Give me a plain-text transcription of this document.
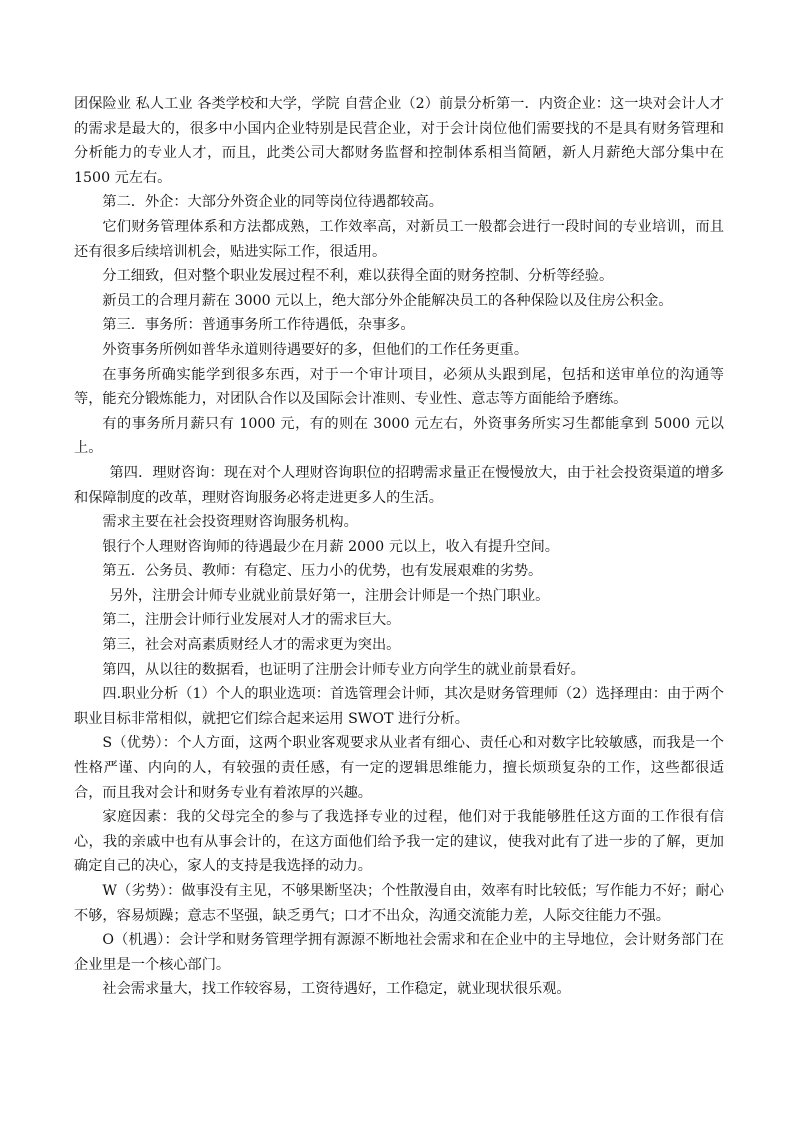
团保险业 私人工业 各类学校和大学，学院 自营企业（2）前景分析第一．内资企业：这一块对会计人才的需求是最大的，很多中小国内企业特别是民营企业，对于会计岗位他们需要找的不是具有财务管理和分析能力的专业人才，而且，此类公司大都财务监督和控制体系相当简陋，新人月薪绝大部分集中在 1500 元左右。

第二．外企：大部分外资企业的同等岗位待遇都较高。

它们财务管理体系和方法都成熟，工作效率高，对新员工一般都会进行一段时间的专业培训，而且还有很多后续培训机会，贴进实际工作，很适用。

分工细致，但对整个职业发展过程不利，难以获得全面的财务控制、分析等经验。

新员工的合理月薪在 3000 元以上，绝大部分外企能解决员工的各种保险以及住房公积金。

第三．事务所：普通事务所工作待遇低，杂事多。

外资事务所例如普华永道则待遇要好的多，但他们的工作任务更重。

在事务所确实能学到很多东西，对于一个审计项目，必须从头跟到尾，包括和送审单位的沟通等等，能充分锻炼能力，对团队合作以及国际会计准则、专业性、意志等方面能给予磨练。

有的事务所月薪只有 1000 元，有的则在 3000 元左右，外资事务所实习生都能拿到 5000 元以上。

第四．理财咨询：现在对个人理财咨询职位的招聘需求量正在慢慢放大，由于社会投资渠道的增多和保障制度的改革，理财咨询服务必将走进更多人的生活。

需求主要在社会投资理财咨询服务机构。

银行个人理财咨询师的待遇最少在月薪 2000 元以上，收入有提升空间。

第五．公务员、教师：有稳定、压力小的优势，也有发展艰难的劣势。

另外，注册会计师专业就业前景好第一，注册会计师是一个热门职业。

第二，注册会计师行业发展对人才的需求巨大。

第三，社会对高素质财经人才的需求更为突出。

第四，从以往的数据看，也证明了注册会计师专业方向学生的就业前景看好。

四.职业分析（1）个人的职业选项：首选管理会计师，其次是财务管理师（2）选择理由：由于两个职业目标非常相似，就把它们综合起来运用 SWOT 进行分析。

S（优势）：个人方面，这两个职业客观要求从业者有细心、责任心和对数字比较敏感，而我是一个性格严谨、内向的人，有较强的责任感，有一定的逻辑思维能力，擅长烦琐复杂的工作，这些都很适合，而且我对会计和财务专业有着浓厚的兴趣。

家庭因素：我的父母完全的参与了我选择专业的过程，他们对于我能够胜任这方面的工作很有信心，我的亲戚中也有从事会计的，在这方面他们给予我一定的建议，使我对此有了进一步的了解，更加确定自己的决心，家人的支持是我选择的动力。

W（劣势）：做事没有主见，不够果断坚决；个性散漫自由，效率有时比较低；写作能力不好；耐心不够，容易烦躁；意志不坚强，缺乏勇气；口才不出众，沟通交流能力差，人际交往能力不强。

O（机遇）：会计学和财务管理学拥有源源不断地社会需求和在企业中的主导地位，会计财务部门在企业里是一个核心部门。

社会需求量大，找工作较容易，工资待遇好，工作稳定，就业现状很乐观。
